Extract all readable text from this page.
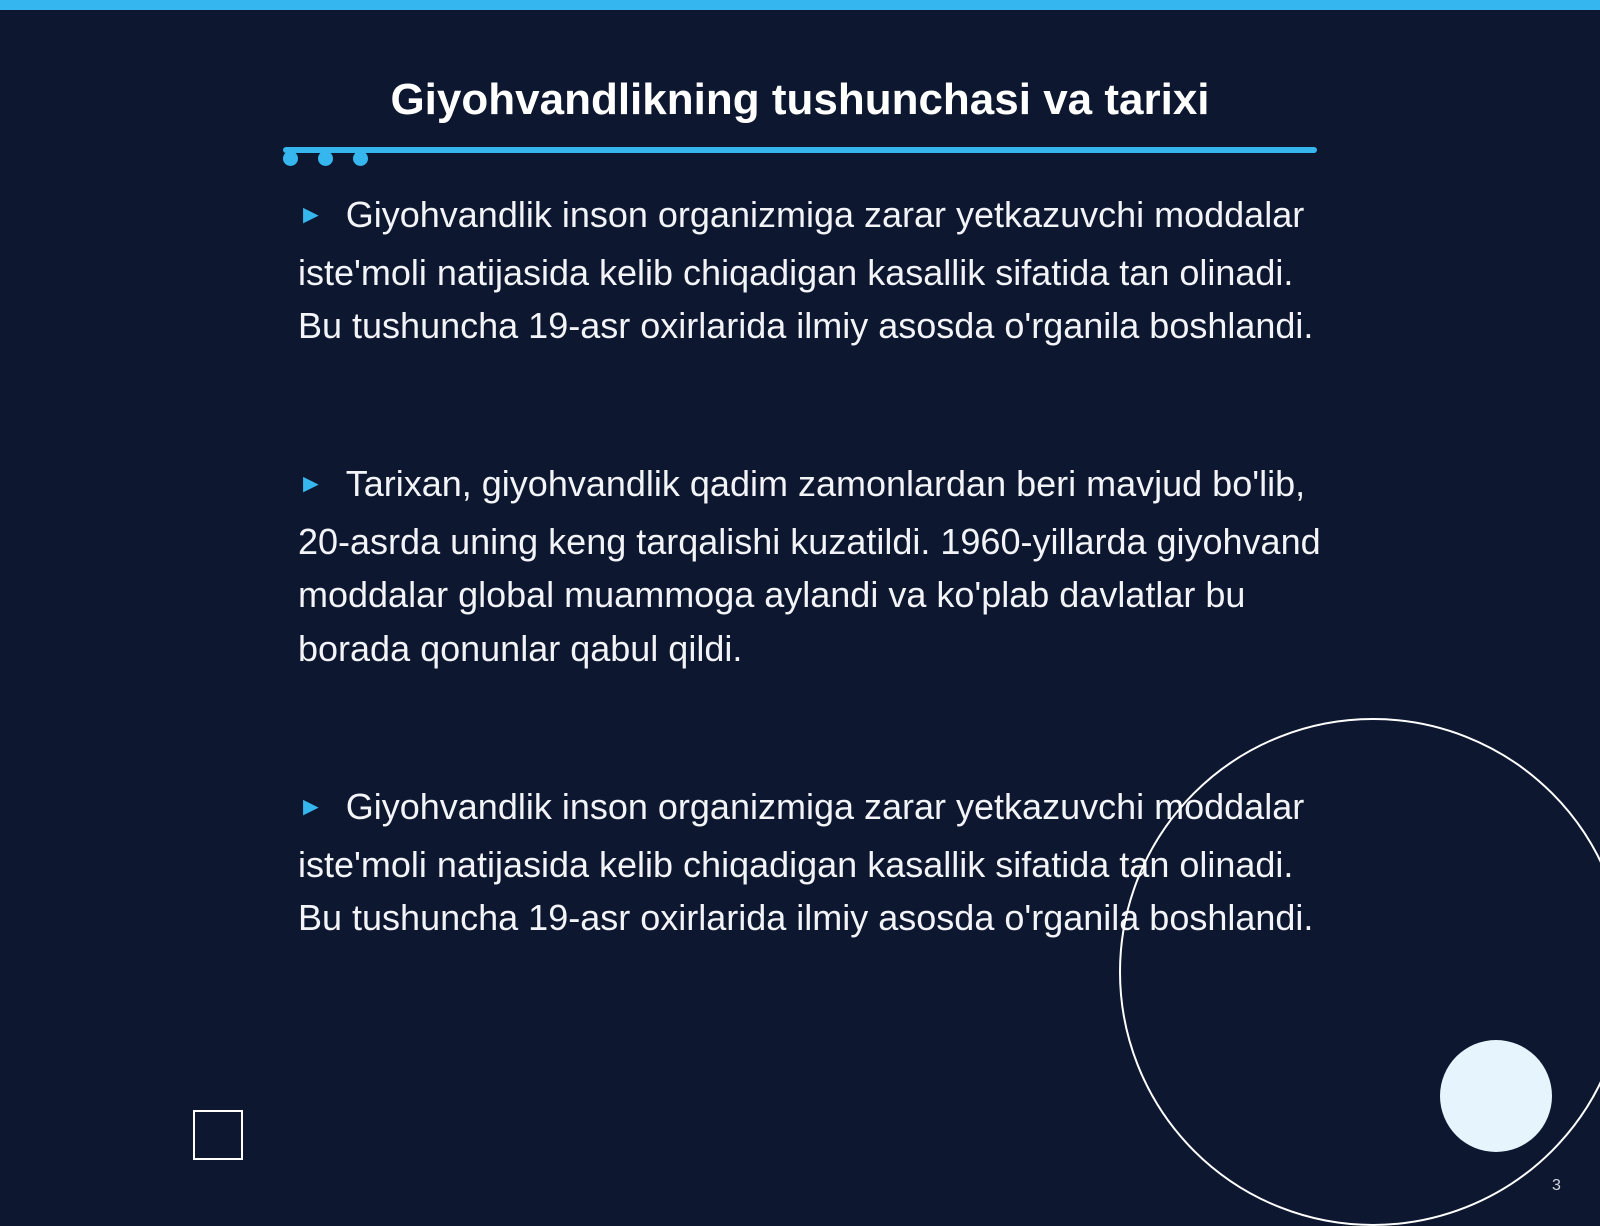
Giyohvandlikning tushunchasi va tarixi
► Giyohvandlik inson organizmiga zarar yetkazuvchi moddalar iste'moli natijasida kelib chiqadigan kasallik sifatida tan olinadi. Bu tushuncha 19-asr oxirlarida ilmiy asosda o'rganila boshlandi.
► Tarixan, giyohvandlik qadim zamonlardan beri mavjud bo'lib, 20-asrda uning keng tarqalishi kuzatildi. 1960-yillarda giyohvand moddalar global muammoga aylandi va ko'plab davlatlar bu borada qonunlar qabul qildi.
► Giyohvandlik inson organizmiga zarar yetkazuvchi moddalar iste'moli natijasida kelib chiqadigan kasallik sifatida tan olinadi. Bu tushuncha 19-asr oxirlarida ilmiy asosda o'rganila boshlandi.
3
